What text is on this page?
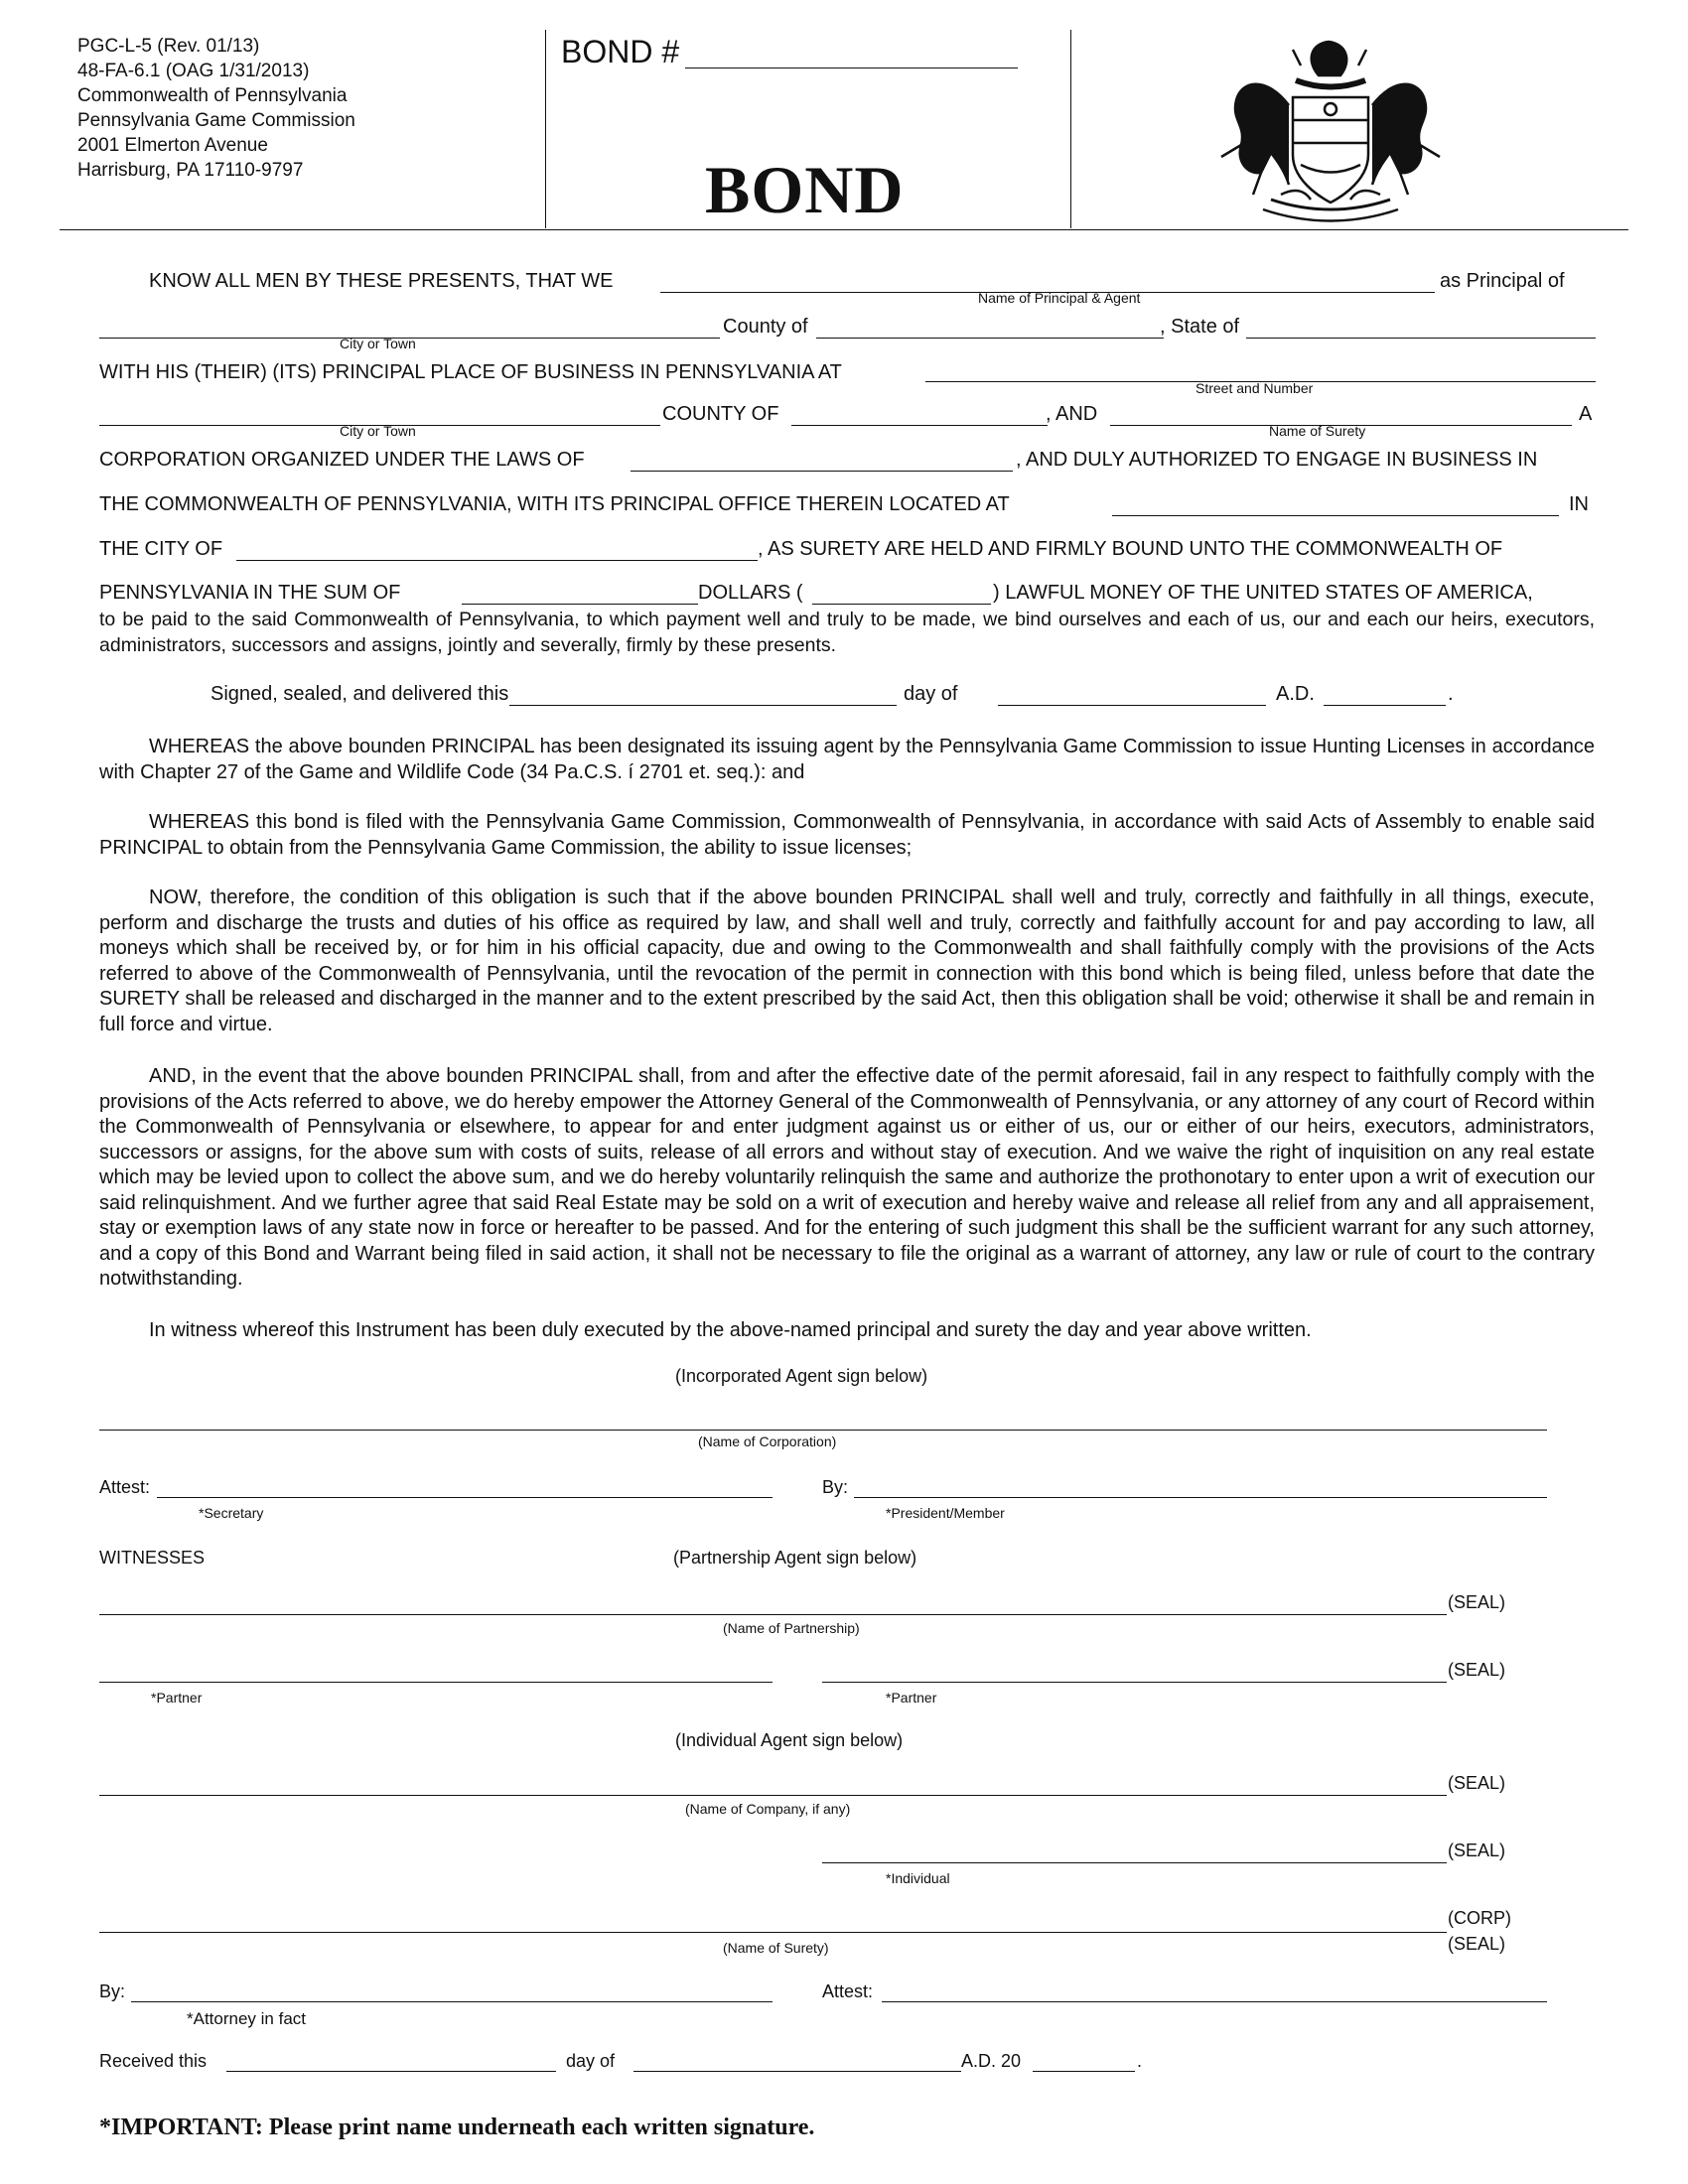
PGC-L-5 (Rev. 01/13)
48-FA-6.1 (OAG 1/31/2013)
Commonwealth of Pennsylvania
Pennsylvania Game Commission
2001 Elmerton Avenue
Harrisburg, PA 17110-9797
BOND #
BOND
KNOW ALL MEN BY THESE PRESENTS, THAT WE	as Principal of
Name of Principal & Agent
County of	, State of
City or Town
WITH HIS (THEIR) (ITS) PRINCIPAL PLACE OF BUSINESS IN PENNSYLVANIA AT
Street and Number
COUNTY OF	, AND	A
City or Town	Name of Surety
CORPORATION ORGANIZED UNDER THE LAWS OF	, AND DULY AUTHORIZED TO ENGAGE IN BUSINESS IN
THE COMMONWEALTH OF PENNSYLVANIA, WITH ITS PRINCIPAL OFFICE THEREIN LOCATED AT	IN
THE CITY OF	, AS SURETY ARE HELD AND FIRMLY BOUND UNTO THE COMMONWEALTH OF
PENNSYLVANIA IN THE SUM OF	DOLLARS (	) LAWFUL MONEY OF THE UNITED STATES OF AMERICA,

to be paid to the said Commonwealth of Pennsylvania, to which payment well and truly to be made, we bind ourselves and each of us, our and each our heirs, executors, administrators, successors and assigns, jointly and severally, firmly by these presents.

Signed, sealed, and delivered this	day of	A.D.	.

WHEREAS the above bounden PRINCIPAL has been designated its issuing agent by the Pennsylvania Game Commission to issue Hunting Licenses in accordance with Chapter 27 of the Game and Wildlife Code (34 Pa.C.S. í 2701 et. seq.): and

WHEREAS this bond is filed with the Pennsylvania Game Commission, Commonwealth of Pennsylvania, in accordance with said Acts of Assembly to enable said PRINCIPAL to obtain from the Pennsylvania Game Commission, the ability to issue licenses;

NOW, therefore, the condition of this obligation is such that if the above bounden PRINCIPAL shall well and truly, correctly and faithfully in all things, execute, perform and discharge the trusts and duties of his office as required by law, and shall well and truly, correctly and faithfully account for and pay according to law, all moneys which shall be received by, or for him in his official capacity, due and owing to the Commonwealth and shall faithfully comply with the provisions of the Acts referred to above of the Commonwealth of Pennsylvania, until the revocation of the permit in connection with this bond which is being filed, unless before that date the SURETY shall be released and discharged in the manner and to the extent prescribed by the said Act, then this obligation shall be void; otherwise it shall be and remain in full force and virtue.

AND, in the event that the above bounden PRINCIPAL shall, from and after the effective date of the permit aforesaid, fail in any respect to faithfully comply with the provisions of the Acts referred to above, we do hereby empower the Attorney General of the Commonwealth of Pennsylvania, or any attorney of any court of Record within the Commonwealth of Pennsylvania or elsewhere, to appear for and enter judgment against us or either of us, our or either of our heirs, executors, administrators, successors or assigns, for the above sum with costs of suits, release of all errors and without stay of execution. And we waive the right of inquisition on any real estate which may be levied upon to collect the above sum, and we do hereby voluntarily relinquish the same and authorize the prothonotary to enter upon a writ of execution our said relinquishment. And we further agree that said Real Estate may be sold on a writ of execution and hereby waive and release all relief from any and all appraisement, stay or exemption laws of any state now in force or hereafter to be passed. And for the entering of such judgment this shall be the sufficient warrant for any such attorney, and a copy of this Bond and Warrant being filed in said action, it shall not be necessary to file the original as a warrant of attorney, any law or rule of court to the contrary notwithstanding.

In witness whereof this Instrument has been duly executed by the above-named principal and surety the day and year above written.

(Incorporated Agent sign below)
(Name of Corporation)
Attest:	By:
*Secretary	*President/Member
WITNESSES	(Partnership Agent sign below)
(SEAL)
(Name of Partnership)
(SEAL)
*Partner	*Partner
(Individual Agent sign below)
(SEAL)
(Name of Company, if any)
(SEAL)
*Individual
(CORP)
(SEAL)
(Name of Surety)
By:	Attest:
*Attorney in fact
Received this	day of	A.D. 20	.
*IMPORTANT: Please print name underneath each written signature.
